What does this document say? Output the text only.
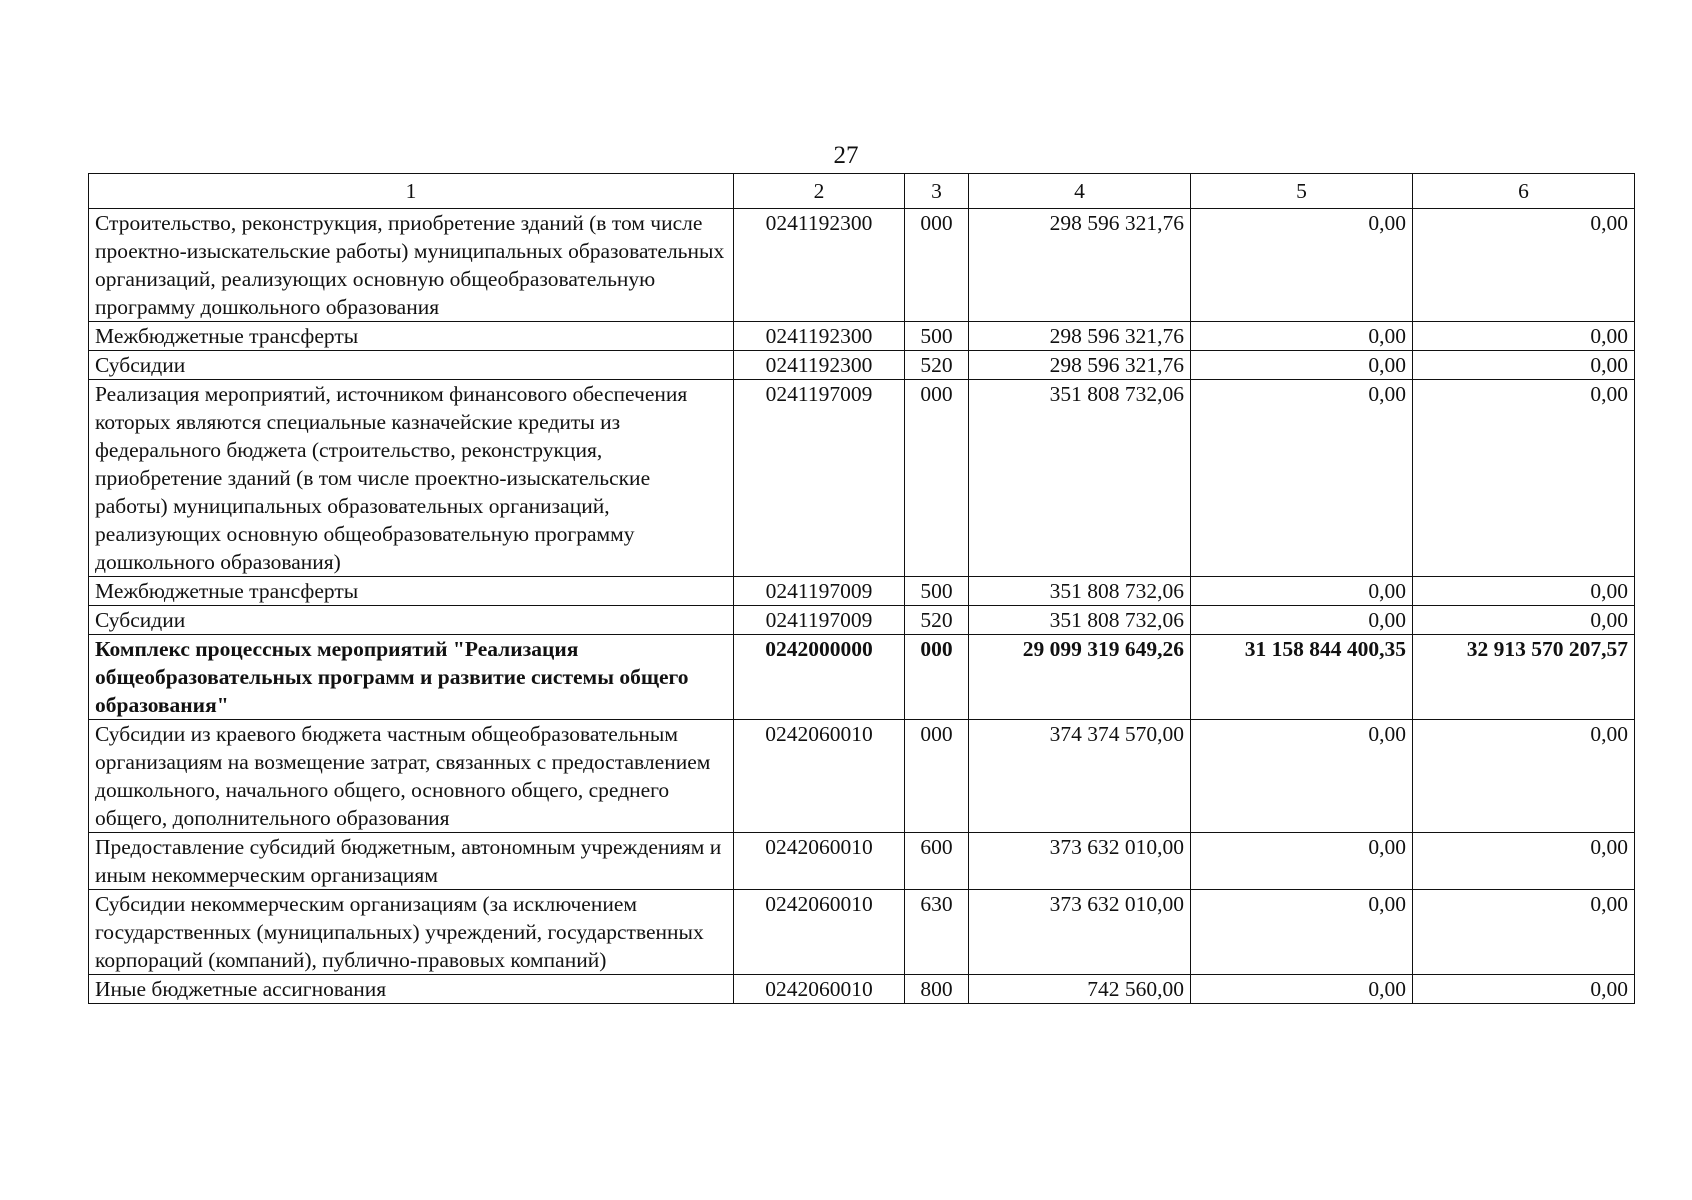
27
1	2	3	4	5	6
Строительство, реконструкция, приобретение зданий (в том числе проектно-изыскательские работы) муниципальных образовательных организаций, реализующих основную общеобразовательную программу дошкольного образования	0241192300	000	298 596 321,76	0,00	0,00
Межбюджетные трансферты	0241192300	500	298 596 321,76	0,00	0,00
Субсидии	0241192300	520	298 596 321,76	0,00	0,00
Реализация мероприятий, источником финансового обеспечения которых являются специальные казначейские кредиты из федерального бюджета (строительство, реконструкция, приобретение зданий (в том числе проектно-изыскательские работы) муниципальных образовательных организаций, реализующих основную общеобразовательную программу дошкольного образования)	0241197009	000	351 808 732,06	0,00	0,00
Межбюджетные трансферты	0241197009	500	351 808 732,06	0,00	0,00
Субсидии	0241197009	520	351 808 732,06	0,00	0,00
Комплекс процессных мероприятий "Реализация общеобразовательных программ и развитие системы общего образования"	0242000000	000	29 099 319 649,26	31 158 844 400,35	32 913 570 207,57
Субсидии из краевого бюджета частным общеобразовательным организациям на возмещение затрат, связанных с предоставлением дошкольного, начального общего, основного общего, среднего общего, дополнительного образования	0242060010	000	374 374 570,00	0,00	0,00
Предоставление субсидий бюджетным, автономным учреждениям и иным некоммерческим организациям	0242060010	600	373 632 010,00	0,00	0,00
Субсидии некоммерческим организациям (за исключением государственных (муниципальных) учреждений, государственных корпораций (компаний), публично-правовых компаний)	0242060010	630	373 632 010,00	0,00	0,00
Иные бюджетные ассигнования	0242060010	800	742 560,00	0,00	0,00
